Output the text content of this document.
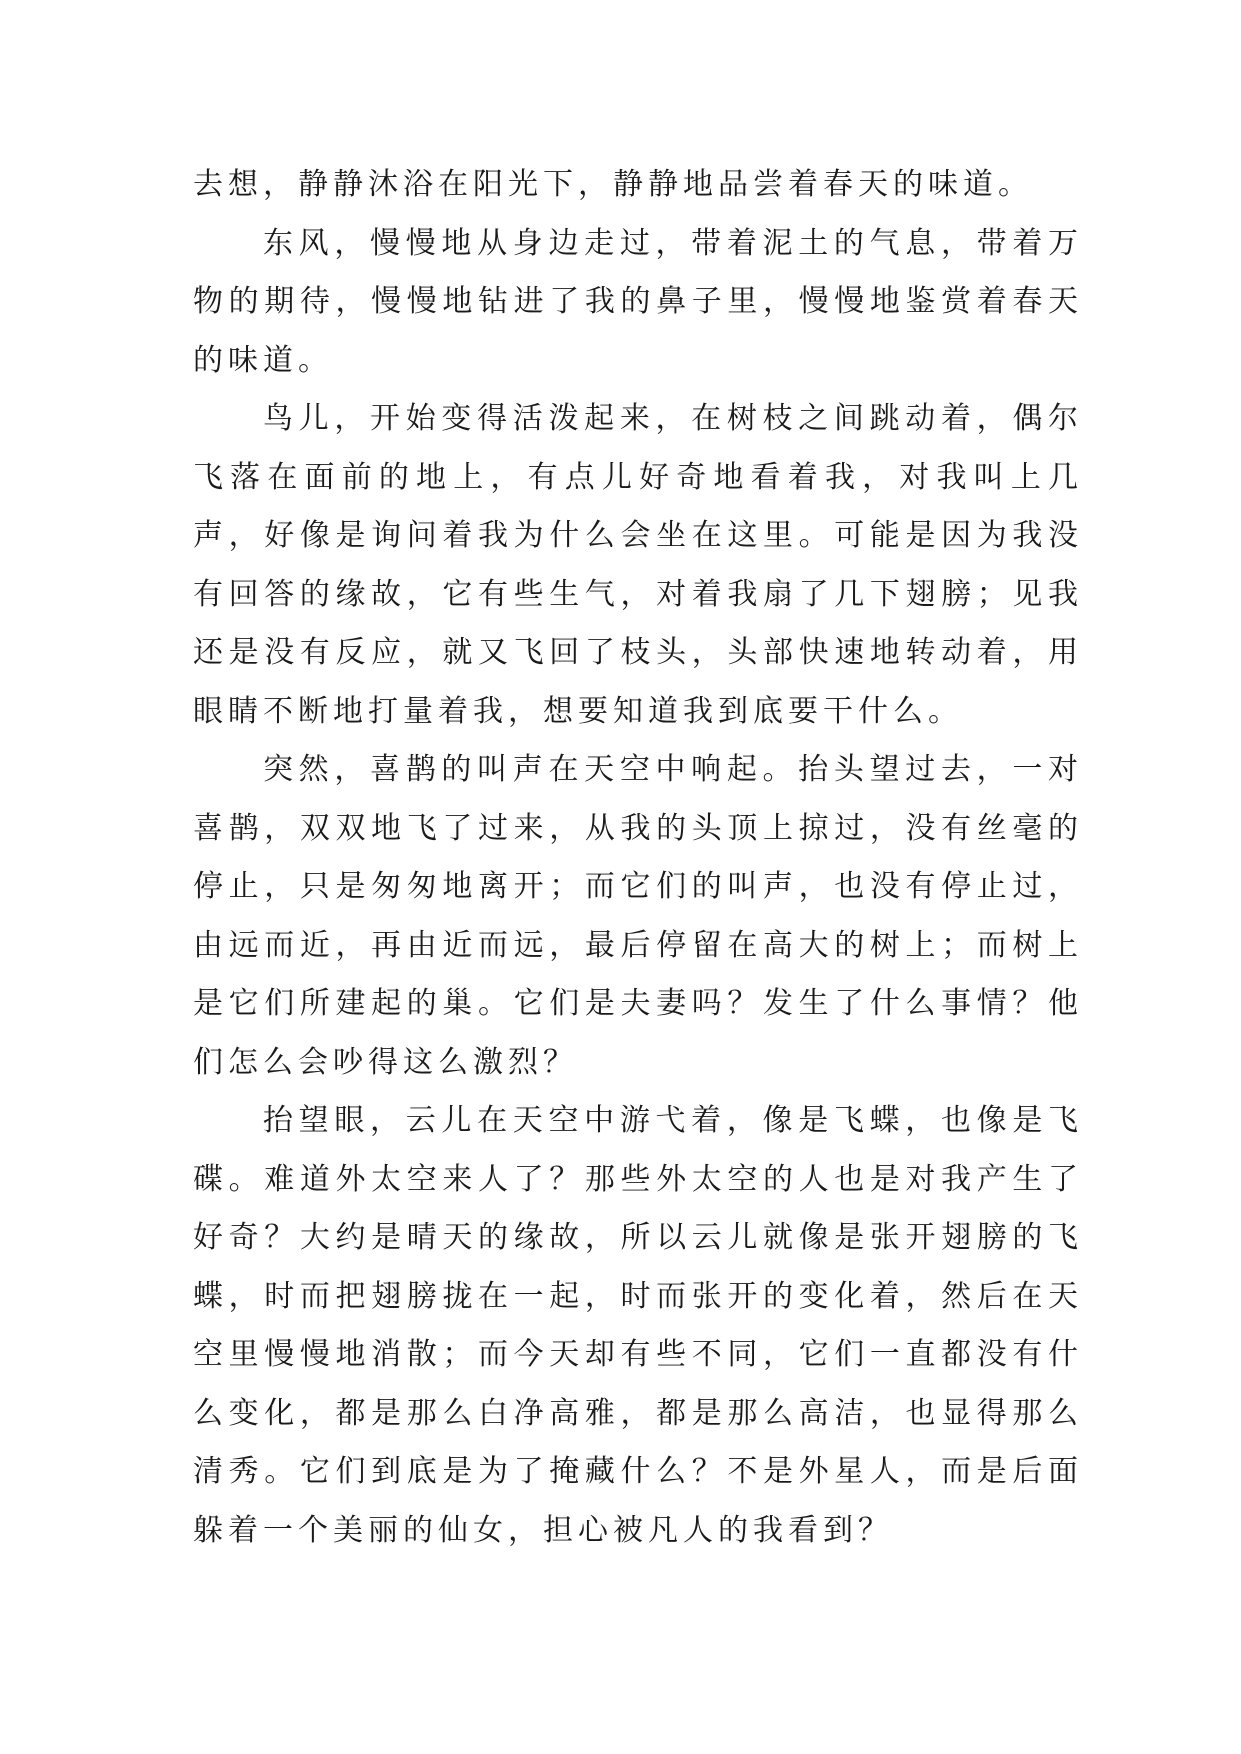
去想，静静沐浴在阳光下，静静地品尝着春天的味道。

东风，慢慢地从身边走过，带着泥土的气息，带着万物的期待，慢慢地钻进了我的鼻子里，慢慢地鉴赏着春天的味道。

鸟儿，开始变得活泼起来，在树枝之间跳动着，偶尔飞落在面前的地上，有点儿好奇地看着我，对我叫上几声，好像是询问着我为什么会坐在这里。可能是因为我没有回答的缘故，它有些生气，对着我扇了几下翅膀；见我还是没有反应，就又飞回了枝头，头部快速地转动着，用眼睛不断地打量着我，想要知道我到底要干什么。

突然，喜鹊的叫声在天空中响起。抬头望过去，一对喜鹊，双双地飞了过来，从我的头顶上掠过，没有丝毫的停止，只是匆匆地离开；而它们的叫声，也没有停止过，由远而近，再由近而远，最后停留在高大的树上；而树上是它们所建起的巢。它们是夫妻吗？发生了什么事情？他们怎么会吵得这么激烈？

抬望眼，云儿在天空中游弋着，像是飞蝶，也像是飞碟。难道外太空来人了？那些外太空的人也是对我产生了好奇？大约是晴天的缘故，所以云儿就像是张开翅膀的飞蝶，时而把翅膀拢在一起，时而张开的变化着，然后在天空里慢慢地消散；而今天却有些不同，它们一直都没有什么变化，都是那么白净高雅，都是那么高洁，也显得那么清秀。它们到底是为了掩藏什么？不是外星人，而是后面躲着一个美丽的仙女，担心被凡人的我看到？
